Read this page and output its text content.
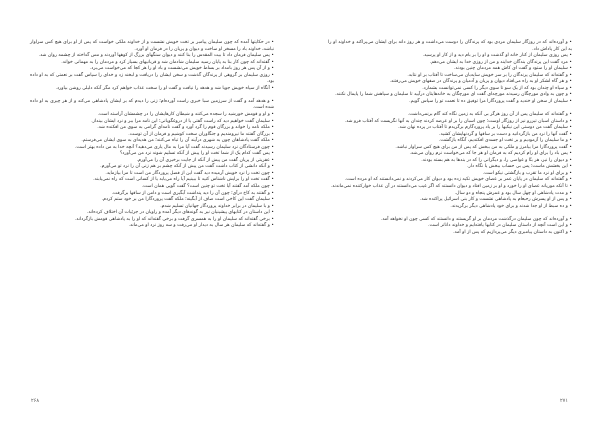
• در حکایتها آمده که چون سلیمان پیامبر بر تخت خویش نشست و از خداوند ملکی خواست که پس از او برای هیچ کس سزاوار نباشد، خداوند باد را مسخر او ساخت و دیوان و پریان را در فرمان او آورد.

• پس سلیمان فرمان داد تا بیت المقدس را بنا کنند و دیوان سنگهای بزرگ از کوهها آوردند و مس گداخته از چشمه روان شد.

• گفته‌اند که چون کار بنا به پایان رسید سلیمان شادمان شد و قربانیهای بسیار کرد و مردمان را به مهمانی خواند.

• و از آن پس هر روز بامداد بر بساط خویش می‌نشست و باد او را هر کجا که می‌خواست می‌برد.

• روزی سلیمان بر گروهی از پرندگان گذشت و سخن ایشان را دریافت و لبخند زد و خدای را سپاس گفت بر نعمتی که به او داده بود.

• آنگاه از سپاه خویش جویا شد و هدهد را نیافت و گفت او را سخت عذاب خواهم کرد مگر آنکه دلیلی روشن بیاورد.

• و هدهد آمد و گفت از سرزمین سبا خبری راست آورده‌ام؛ زنی را دیدم که بر ایشان پادشاهی می‌کند و از هر چیزی به او داده شده است.

• و او و قومش خورشید را سجده می‌کنند و شیطان کارهایشان را در چشمشان آراسته است.

• سلیمان گفت خواهیم دید که راست گفتی یا از دروغگویانی؛ این نامه مرا ببر و نزد ایشان بینداز.

• ملکه نامه را خواند و بزرگان قوم را گرد آورد و گفت نامه‌ای گرامی به سوی من افکنده شد.

• بزرگان گفتند ما نیرومندیم و جنگاوران سخت کوشیم و فرمان از آن توست.

• ملکه گفت پادشاهان چون به شهری درآیند آن را تباه می‌کنند؛ من هدیه‌ای به سوی ایشان می‌فرستم.

• چون فرستادگان نزد سلیمان رسیدند گفت آیا مرا به مال یاری می‌دهید؟ آنچه خدا به من داده بهتر است.

• پس گفت کدام یک از شما تخت او را پیش از آنکه تسلیم شوند نزد من می‌آورد؟

• عفریتی از پریان گفت من پیش از آنکه از جایت برخیزی آن را می‌آورم.

• و آنکه دانشی از کتاب داشت گفت من پیش از آنکه چشم بر هم زنی آن را نزد تو می‌آورم.

• چون تخت را نزد خویش آرمیده دید گفت این از فضل پروردگار من است تا مرا بیازماید.

• گفت تخت او را برایش ناشناس کنید تا ببینیم آیا راه می‌یابد یا از کسانی است که راه نمی‌یابند.

• چون ملکه آمد گفتند آیا تخت تو چنین است؟ گفت گویی همان است.

• و گفتند به کاخ درآی؛ چون آن را دید پنداشت آبگیری است و دامن از ساقها برگرفت.

• سلیمان گفت این کاخی است صاف از آبگینه؛ ملکه گفت پروردگارا من بر خود ستم کردم.

• و با سلیمان در برابر خداوند پروردگار جهانیان تسلیم شدم.

• این داستان در کتابهای پیشینیان نیز به گونه‌های دیگر آمده و راویان در جزئیات آن اختلاف کرده‌اند.

• برخی گفته‌اند که سلیمان او را به همسری گرفت و برخی گفته‌اند که او را به پادشاهی قومش بازگرداند.

• و گفته‌اند که سلیمان هر سال به دیدار او می‌رفت و سه روز نزد او می‌ماند.

۲۶۸

• و آورده‌اند که در روزگار سلیمان مردی بود که پرندگان را دوست می‌داشت و هر روز دانه برای ایشان می‌پراکند و خداوند او را به این کار پاداش داد.

• پس روزی سلیمان از کنار خانه او گذشت و او را بر بام دید و از کار او پرسید.

• مرد گفت این پرندگان بندگان خدایند و من از روزی خدا به ایشان می‌دهم.

• سلیمان او را ستود و گفت ای کاش همه مردمان چنین بودند.

• و گفته‌اند که سلیمان پرندگان را بر سر خویش سایه‌بان می‌ساخت تا آفتاب بر او نتابد.

• و هر گاه لشکر او به راه می‌افتاد دیوان و پریان و آدمیان و پرندگان در صفهای خویش می‌رفتند.

• و سپاه او چندان بود که از یک سو تا سوی دیگر را کسی نمی‌توانست بشمارد.

• و چون به وادی مورچگان رسیدند مورچه‌ای گفت ای مورچگان به خانه‌هایتان درآیید تا سلیمان و سپاهش شما را پایمال نکنند.

• سلیمان از سخن او خندید و گفت پروردگارا مرا توفیق ده تا نعمت تو را سپاس گویم.

• و گفته‌اند که سلیمان پس از آن روز هرگز بی آنکه به زمین نگاه کند گام برنمی‌داشت.

• و داستان اسبان تیزرو نیز از روزگار اوست؛ چون اسبان را بر او عرضه کردند چندان به آنها نگریست که آفتاب فرو شد.

• سلیمان گفت من دوستی این نیکیها را بر یاد پروردگارم برگزیدم تا آفتاب در پرده نهان شد.

• گفت آنها را نزد من بازگردانید و دست بر ساقها و گردنهایشان کشید.

• و ما سلیمان را آزمودیم و بر تخت او جسدی افکندیم، آنگاه بازگشت.

• گفت پروردگارا مرا بیامرز و ملکی به من ببخش که پس از من برای هیچ کس سزاوار نباشد.

• پس باد را برای او رام کردیم که به فرمان او هر جا که می‌خواست نرم روان می‌شد.

• و دیوان را نیز، هر بنّا و غواصی را، و دیگرانی را که در بندها به هم بسته بودند.

• این بخشش ماست؛ پس بی حساب ببخش یا نگاه دار.

• و برای او نزد ما تقرب و بازگشتی نیکو است.

• و گفته‌اند که سلیمان در پایان عمر بر عصای خویش تکیه زده بود و دیوان کار می‌کردند و نمی‌دانستند که او مرده است.

• تا آنکه موریانه عصای او را خورد و او بر زمین افتاد و دیوان دانستند که اگر غیب می‌دانستند در آن عذاب خوارکننده نمی‌ماندند.

• و مدت پادشاهی او چهل سال بود و عمرش پنجاه و دو سال.

• و پس از او پسرش رحبعام به پادشاهی نشست و کار بنی اسرائیل پراکنده شد.

• و ده سبط از او جدا شدند و برای خود پادشاهی دیگر برگزیدند.

• و آورده‌اند که چون سلیمان درگذشت مردمان بر او گریستند و دانستند که کسی چون او نخواهد آمد.

• و این است آنچه از داستان سلیمان در کتابها یافته‌ایم و خداوند داناتر است.

• و اکنون به داستان پیامبری دیگر می‌پردازیم که پس از او آمد.

۲۷۱
